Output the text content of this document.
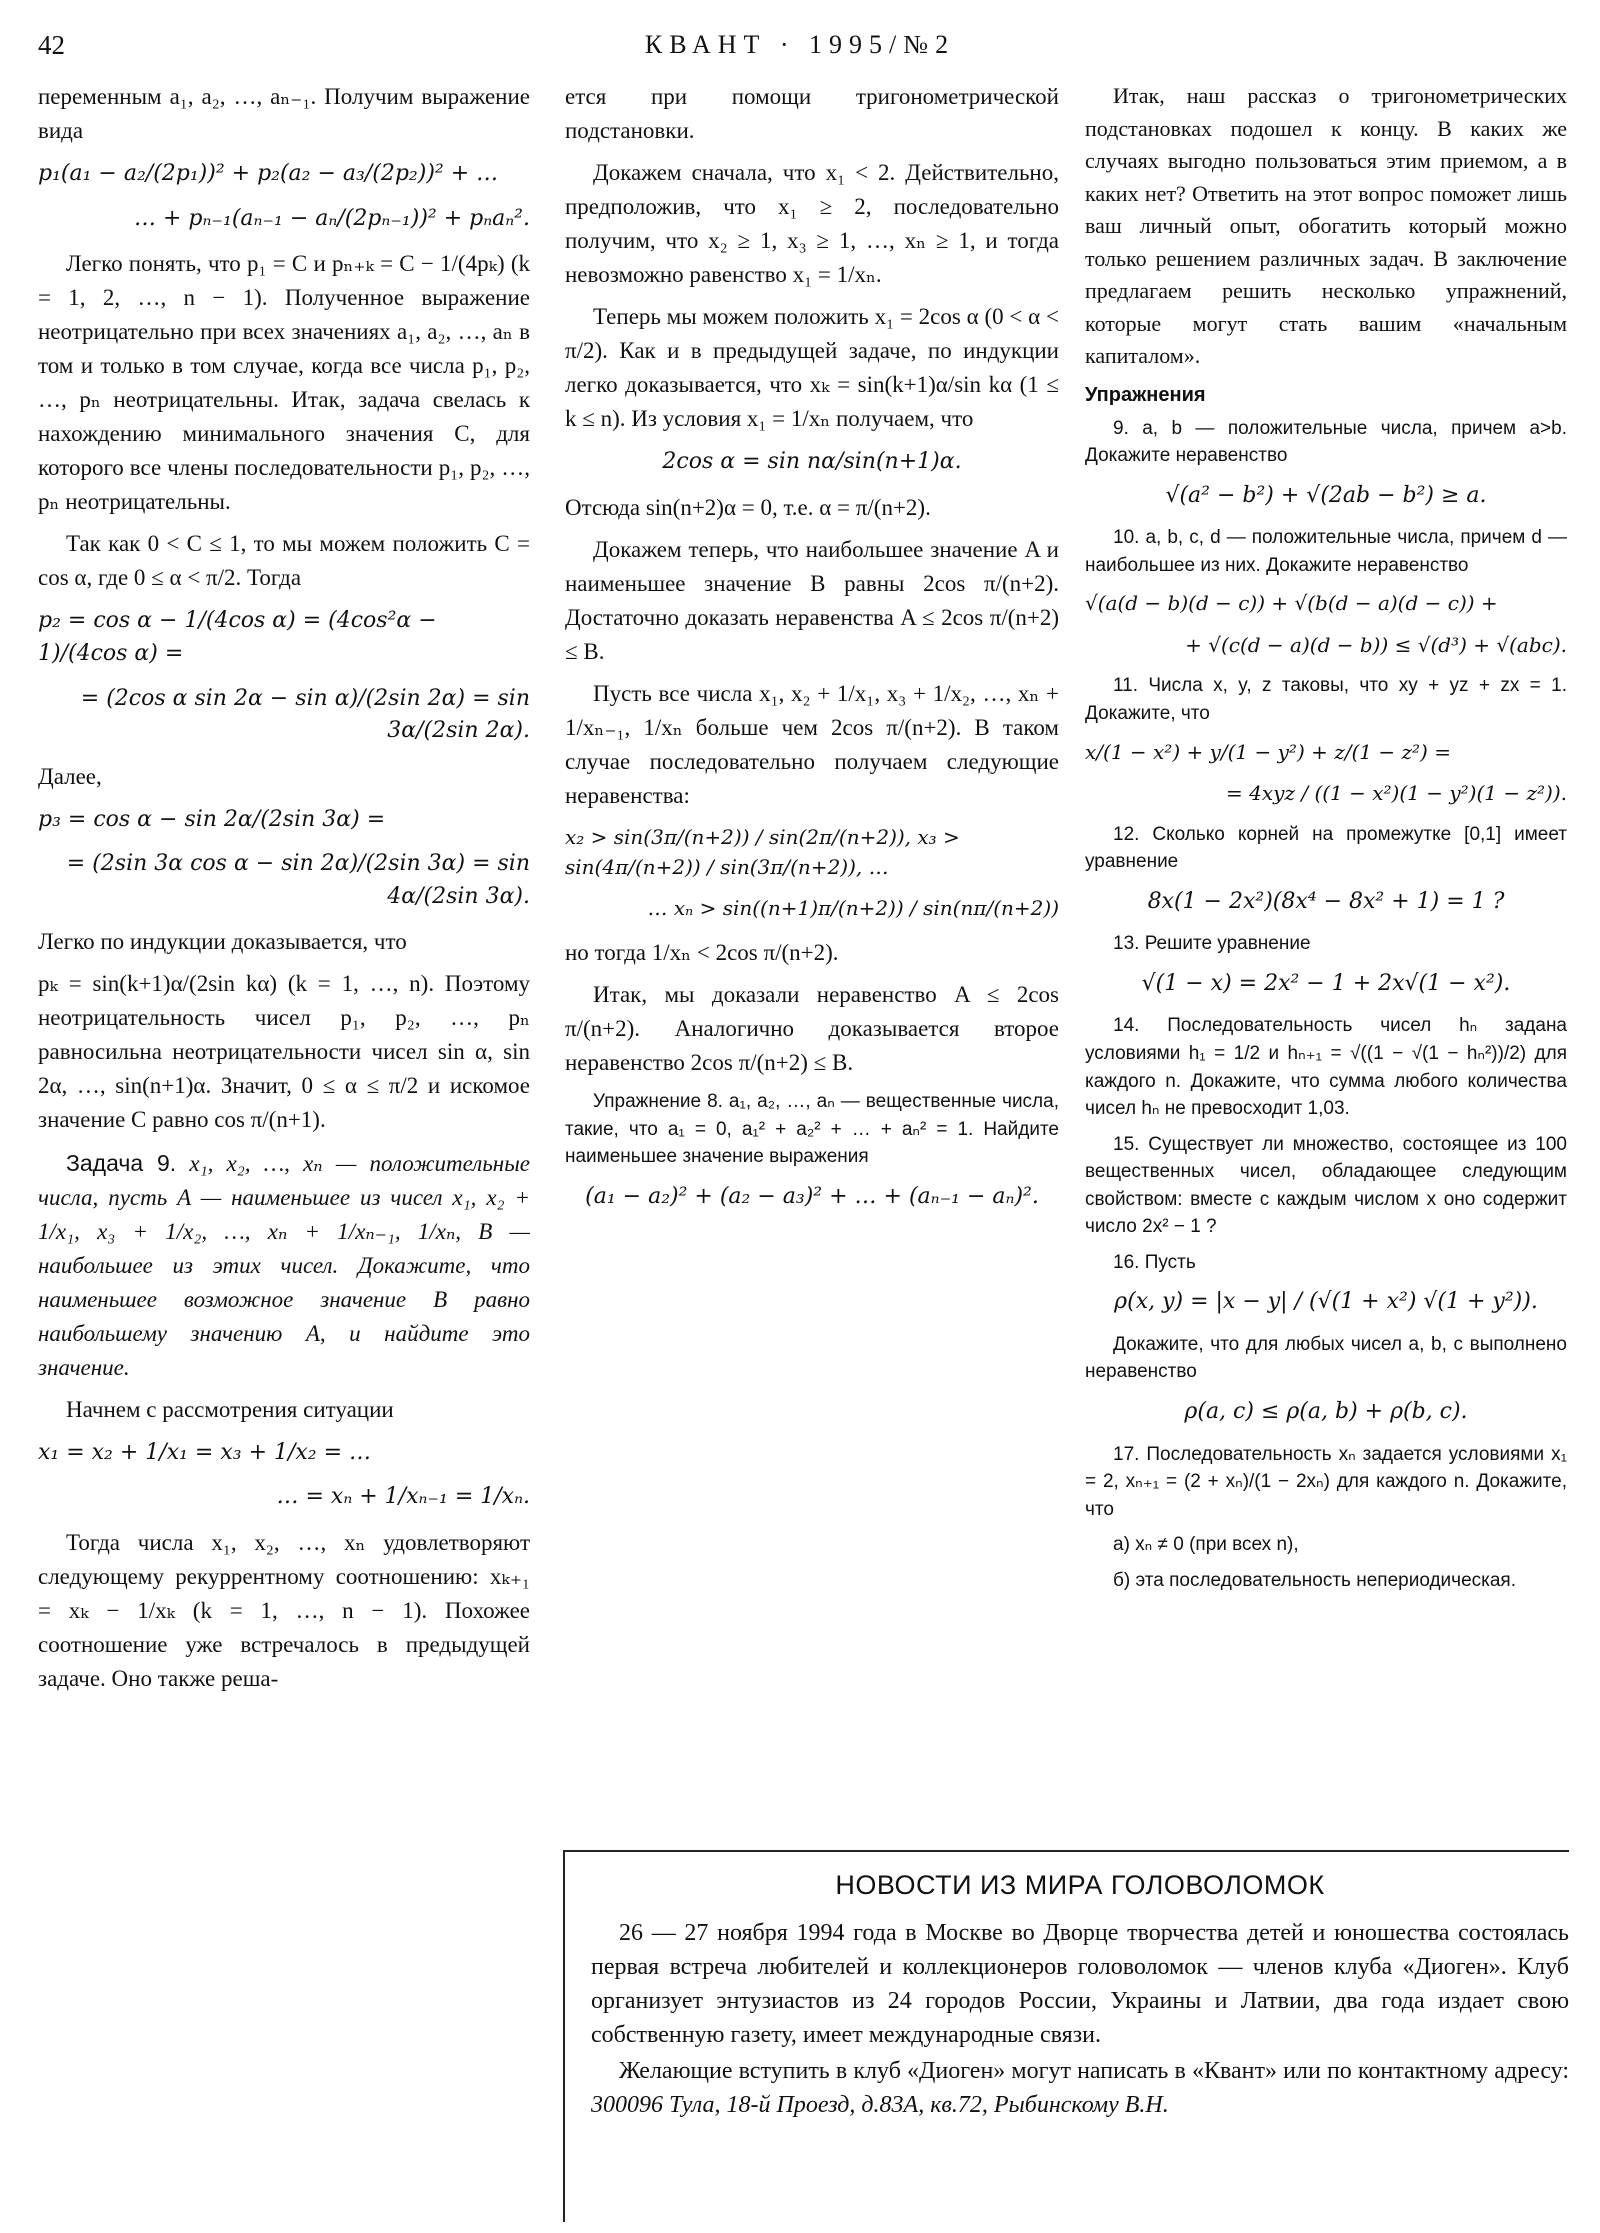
42	КВАНТ · 1995/№2

переменным a₁, a₂, …, aₙ₋₁. Получим выражение вида

p₁(a₁ − a₂/(2p₁))² + p₂(a₂ − a₃/(2p₂))² + …
… + pₙ₋₁(aₙ₋₁ − aₙ/(2pₙ₋₁))² + pₙaₙ².

Легко понять, что p₁ = C и pₙ₊ₖ = C − 1/(4pₖ) (k = 1, 2, …, n − 1). Полученное выражение неотрицательно при всех значениях a₁, a₂, …, aₙ в том и только в том случае, когда все числа p₁, p₂, …, pₙ неотрицательны. Итак, задача свелась к нахождению минимального значения C, для которого все члены последовательности p₁, p₂, …, pₙ неотрицательны.

Так как 0 < C ≤ 1, то мы можем положить C = cos α, где 0 ≤ α < π/2. Тогда

p₂ = cos α − 1/(4cos α) = (4cos²α − 1)/(4cos α) =
= (2cos α sin 2α − sin α)/(2sin 2α) = sin 3α/(2sin 2α).

Далее,

p₃ = cos α − sin 2α/(2sin 3α) =
= (2sin 3α cos α − sin 2α)/(2sin 3α) = sin 4α/(2sin 3α).

Легко по индукции доказывается, что

pₖ = sin(k+1)α/(2sin kα) (k = 1, …, n). Поэтому неотрицательность чисел p₁, p₂, …, pₙ равносильна неотрицательности чисел sin α, sin 2α, …, sin(n+1)α. Значит, 0 ≤ α ≤ π/2 и искомое значение C равно cos π/(n+1).

Задача 9. x₁, x₂, …, xₙ — положительные числа, пусть A — наименьшее из чисел x₁, x₂ + 1/x₁, x₃ + 1/x₂, …, xₙ + 1/xₙ₋₁, 1/xₙ, B — наибольшее из этих чисел. Докажите, что наименьшее возможное значение B равно наибольшему значению A, и найдите это значение.

Начнем с рассмотрения ситуации

x₁ = x₂ + 1/x₁ = x₃ + 1/x₂ = …
… = xₙ + 1/xₙ₋₁ = 1/xₙ.

Тогда числа x₁, x₂, …, xₙ удовлетворяют следующему рекуррентному соотношению: xₖ₊₁ = xₖ − 1/xₖ (k = 1, …, n − 1). Похожее соотношение уже встречалось в предыдущей задаче. Оно также реша-

ется при помощи тригонометрической подстановки.

Докажем сначала, что x₁ < 2. Действительно, предположив, что x₁ ≥ 2, последовательно получим, что x₂ ≥ 1, x₃ ≥ 1, …, xₙ ≥ 1, и тогда невозможно равенство x₁ = 1/xₙ.

Теперь мы можем положить x₁ = 2cos α (0 < α < π/2). Как и в предыдущей задаче, по индукции легко доказывается, что xₖ = sin(k+1)α/sin kα (1 ≤ k ≤ n). Из условия x₁ = 1/xₙ получаем, что

2cos α = sin nα/sin(n+1)α.

Отсюда sin(n+2)α = 0, т.е. α = π/(n+2).

Докажем теперь, что наибольшее значение A и наименьшее значение B равны 2cos π/(n+2). Достаточно доказать неравенства A ≤ 2cos π/(n+2) ≤ B.

Пусть все числа x₁, x₂ + 1/x₁, x₃ + 1/x₂, …, xₙ + 1/xₙ₋₁, 1/xₙ больше чем 2cos π/(n+2). В таком случае последовательно получаем следующие неравенства:

x₂ > sin(3π/(n+2)) / sin(2π/(n+2)), x₃ > sin(4π/(n+2)) / sin(3π/(n+2)), …
… xₙ > sin((n+1)π/(n+2)) / sin(nπ/(n+2))

но тогда 1/xₙ < 2cos π/(n+2).

Итак, мы доказали неравенство A ≤ 2cos π/(n+2). Аналогично доказывается второе неравенство 2cos π/(n+2) ≤ B.

Упражнение 8. a₁, a₂, …, aₙ — вещественные числа, такие, что a₁ = 0, a₁² + a₂² + … + aₙ² = 1. Найдите наименьшее значение выражения

(a₁ − a₂)² + (a₂ − a₃)² + … + (aₙ₋₁ − aₙ)².

Итак, наш рассказ о тригонометрических подстановках подошел к концу. В каких же случаях выгодно пользоваться этим приемом, а в каких нет? Ответить на этот вопрос поможет лишь ваш личный опыт, обогатить который можно только решением различных задач. В заключение предлагаем решить несколько упражнений, которые могут стать вашим «начальным капиталом».

Упражнения

9. a, b — положительные числа, причем a>b. Докажите неравенство

√(a² − b²) + √(2ab − b²) ≥ a.

10. a, b, c, d — положительные числа, причем d — наибольшее из них. Докажите неравенство

√(a(d − b)(d − c)) + √(b(d − a)(d − c)) +
+ √(c(d − a)(d − b)) ≤ √(d³) + √(abc).

11. Числа x, y, z таковы, что xy + yz + zx = 1. Докажите, что

x/(1 − x²) + y/(1 − y²) + z/(1 − z²) =
= 4xyz / ((1 − x²)(1 − y²)(1 − z²)).

12. Сколько корней на промежутке [0,1] имеет уравнение

8x(1 − 2x²)(8x⁴ − 8x² + 1) = 1 ?

13. Решите уравнение

√(1 − x) = 2x² − 1 + 2x√(1 − x²).

14. Последовательность чисел hₙ задана условиями h₁ = 1/2 и hₙ₊₁ = √((1 − √(1 − hₙ²))/2) для каждого n. Докажите, что сумма любого количества чисел hₙ не превосходит 1,03.

15. Существует ли множество, состоящее из 100 вещественных чисел, обладающее следующим свойством: вместе с каждым числом x оно содержит число 2x² − 1 ?

16. Пусть

ρ(x, y) = |x − y| / (√(1 + x²) √(1 + y²)).

Докажите, что для любых чисел a, b, c выполнено неравенство

ρ(a, c) ≤ ρ(a, b) + ρ(b, c).

17. Последовательность xₙ задается условиями x₁ = 2, xₙ₊₁ = (2 + xₙ)/(1 − 2xₙ) для каждого n. Докажите, что

а) xₙ ≠ 0 (при всех n),

б) эта последовательность непериодическая.

НОВОСТИ ИЗ МИРА ГОЛОВОЛОМОК

26 — 27 ноября 1994 года в Москве во Дворце творчества детей и юношества состоялась первая встреча любителей и коллекционеров головоломок — членов клуба «Диоген». Клуб организует энтузиастов из 24 городов России, Украины и Латвии, два года издает свою собственную газету, имеет международные связи.

Желающие вступить в клуб «Диоген» могут написать в «Квант» или по контактному адресу: 300096 Тула, 18-й Проезд, д.83А, кв.72, Рыбинскому В.Н.
